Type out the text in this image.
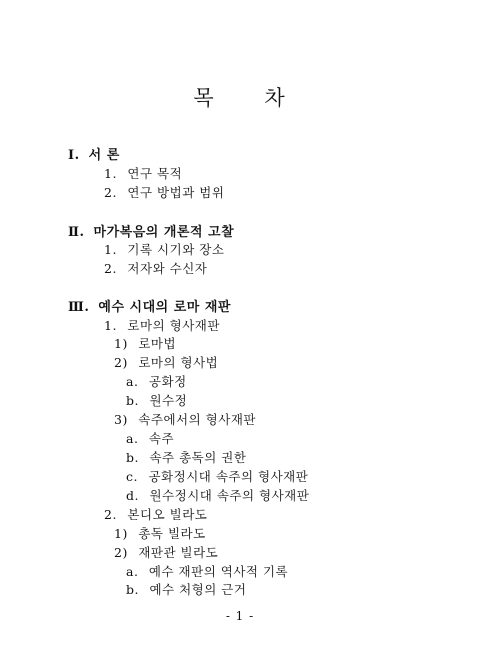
목 차
Ⅰ. 서 론
1. 연구 목적
2. 연구 방법과 범위
Ⅱ. 마가복음의 개론적 고찰
1. 기록 시기와 장소
2. 저자와 수신자
Ⅲ. 예수 시대의 로마 재판
1. 로마의 형사재판
1) 로마법
2) 로마의 형사법
a. 공화정
b. 원수정
3) 속주에서의 형사재판
a. 속주
b. 속주 총독의 권한
c. 공화정시대 속주의 형사재판
d. 원수정시대 속주의 형사재판
2. 본디오 빌라도
1) 총독 빌라도
2) 재판관 빌라도
a. 예수 재판의 역사적 기록
b. 예수 처형의 근거
- 1 -
